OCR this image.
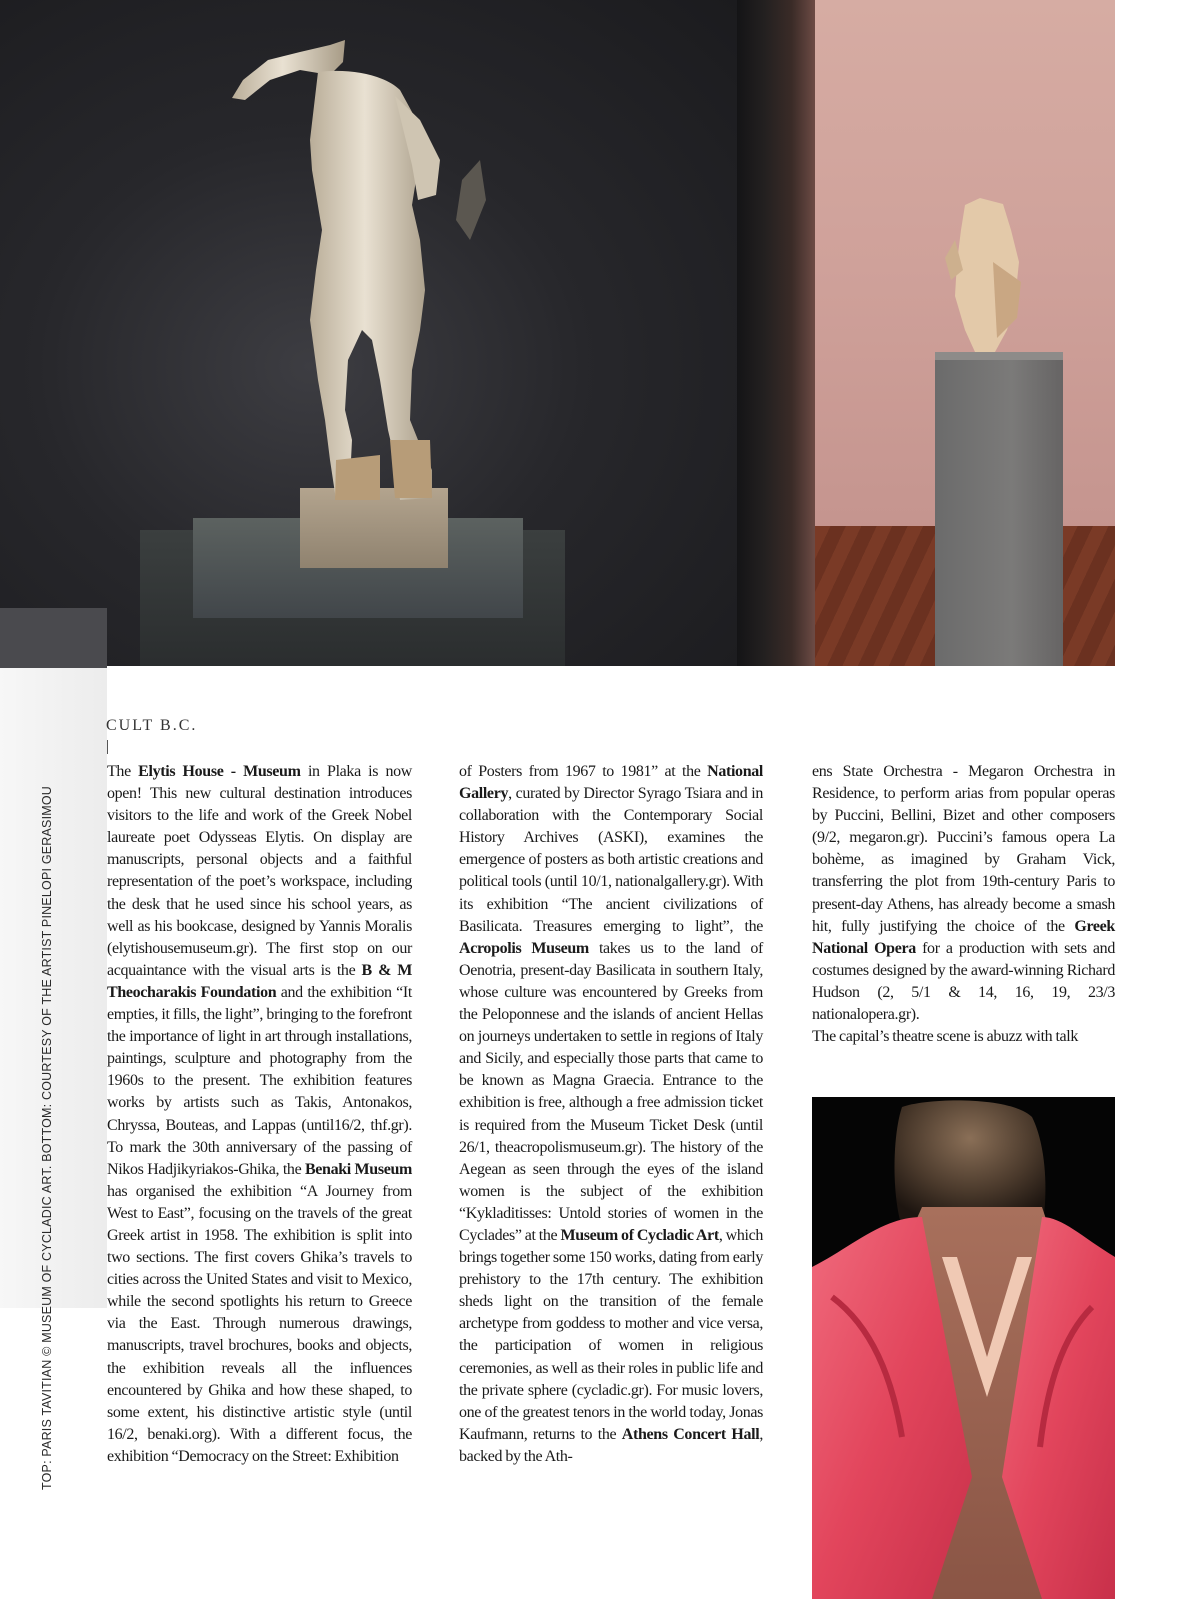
TOP: PARIS TAVITIAN © MUSEUM OF CYCLADIC ART. BOTTOM: COURTESY OF THE ARTIST PINELOPI GERASIMOU
CULT B.C.

The Elytis House - Museum in Plaka is now open! This new cultural destination introduces visitors to the life and work of the Greek Nobel laureate poet Odysseas Elytis. On display are manuscripts, personal objects and a faithful representation of the poet’s workspace, including the desk that he used since his school years, as well as his bookcase, designed by Yannis Moralis (elytishousemuseum.gr). The first stop on our acquaintance with the visual arts is the B & M Theocharakis Foundation and the exhibition “It empties, it fills, the light”, bringing to the forefront the importance of light in art through installations, paintings, sculpture and photography from the 1960s to the present. The exhibition features works by artists such as Takis, Antonakos, Chryssa, Bouteas, and Lappas (until16/2, thf.gr). To mark the 30th anniversary of the passing of Nikos Hadjikyriakos-Ghika, the Benaki Museum has organised the exhibition “A Journey from West to East”, focusing on the travels of the great Greek artist in 1958. The exhibition is split into two sections. The first covers Ghika’s travels to cities across the United States and visit to Mexico, while the second spotlights his return to Greece via the East. Through numerous drawings, manuscripts, travel brochures, books and objects, the exhibition reveals all the influences encountered by Ghika and how these shaped, to some extent, his distinctive artistic style (until 16/2, benaki.org). With a different focus, the exhibition “Democracy on the Street: Exhibition

of Posters from 1967 to 1981” at the National Gallery, curated by Director Syrago Tsiara and in collaboration with the Contemporary Social History Archives (ASKI), examines the emergence of posters as both artistic creations and political tools (until 10/1, nationalgallery.gr). With its exhibition “The ancient civilizations of Basilicata. Treasures emerging to light”, the Acropolis Museum takes us to the land of Oenotria, present-day Basilicata in southern Italy, whose culture was encountered by Greeks from the Peloponnese and the islands of ancient Hellas on journeys undertaken to settle in regions of Italy and Sicily, and especially those parts that came to be known as Magna Graecia. Entrance to the exhibition is free, although a free admission ticket is required from the Museum Ticket Desk (until 26/1, theacropolismuseum.gr). The history of the Aegean as seen through the eyes of the island women is the subject of the exhibition “Kykladitisses: Untold stories of women in the Cyclades” at the Museum of Cycladic Art, which brings together some 150 works, dating from early prehistory to the 17th century. The exhibition sheds light on the transition of the female archetype from goddess to mother and vice versa, the participation of women in religious ceremonies, as well as their roles in public life and the private sphere (cycladic.gr). For music lovers, one of the greatest tenors in the world today, Jonas Kaufmann, returns to the Athens Concert Hall, backed by the Ath-

ens State Orchestra - Megaron Orchestra in Residence, to perform arias from popular operas by Puccini, Bellini, Bizet and other composers (9/2, megaron.gr). Puccini’s famous opera La bohème, as imagined by Graham Vick, transferring the plot from 19th-century Paris to present-day Athens, has already become a smash hit, fully justifying the choice of the Greek National Opera for a production with sets and costumes designed by the award-winning Richard Hudson (2, 5/1 & 14, 16, 19, 23/3 nationalopera.gr).

The capital’s theatre scene is abuzz with talk
